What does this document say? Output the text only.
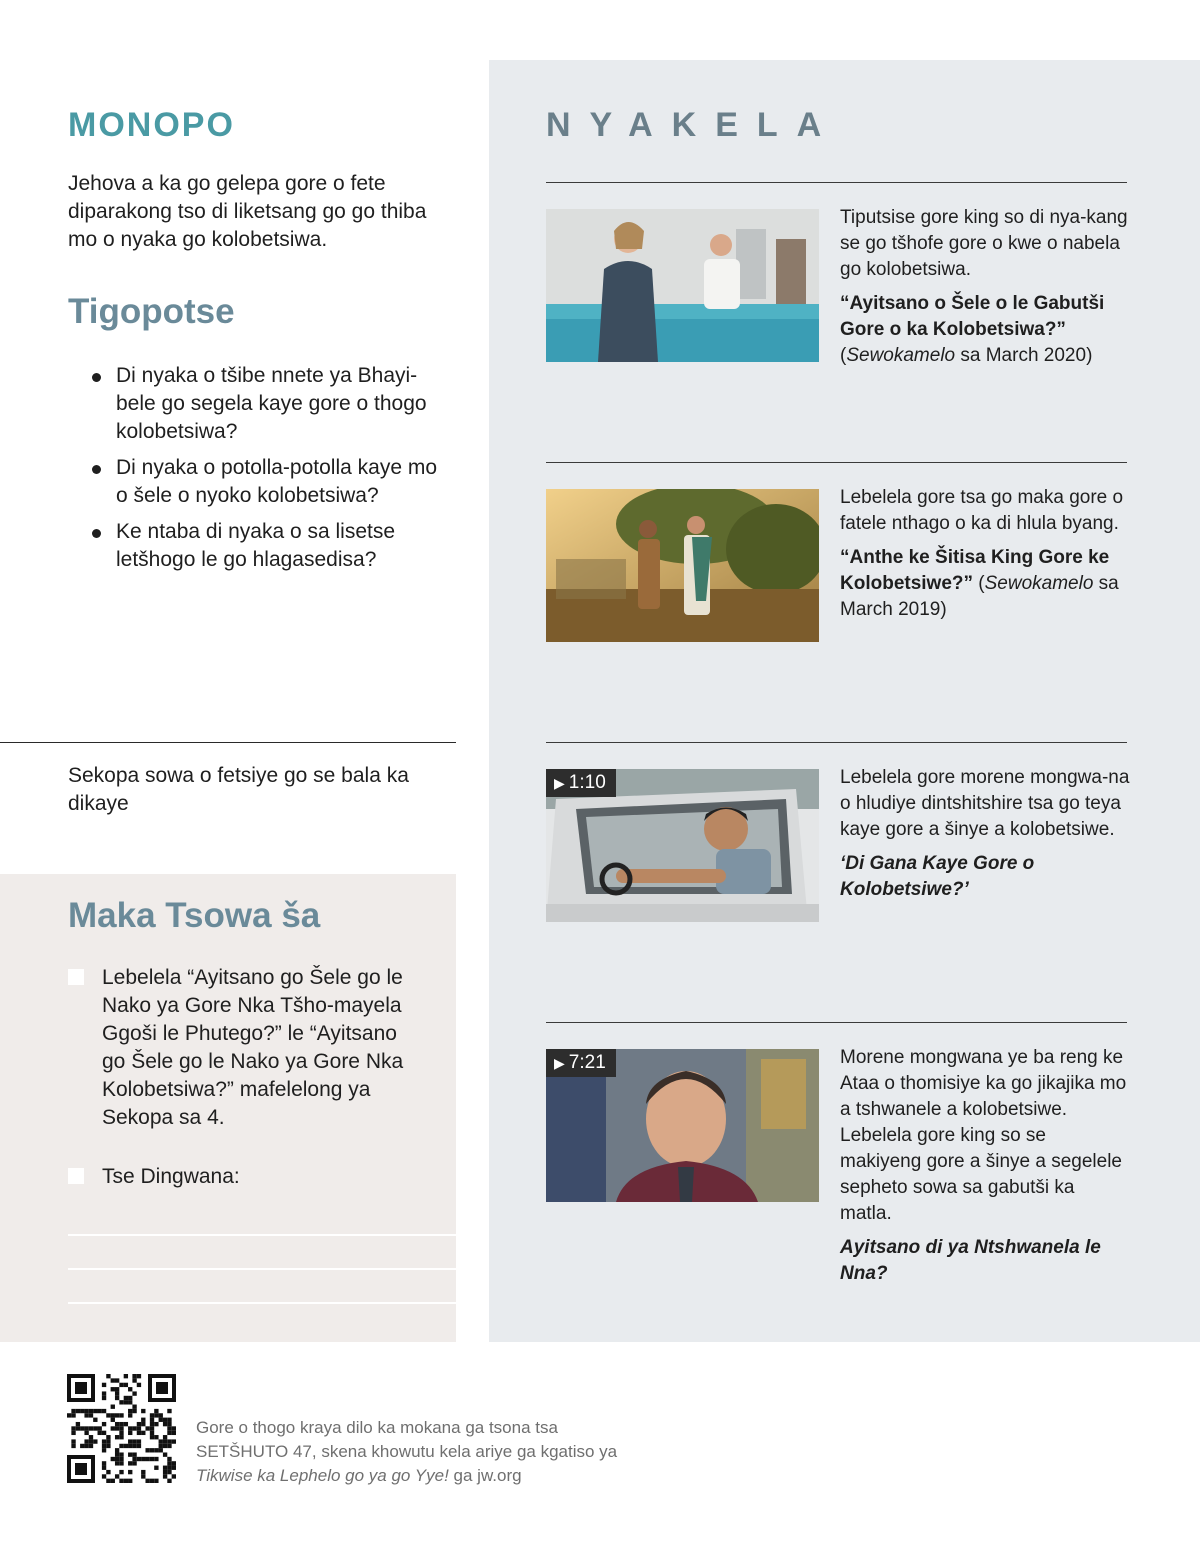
MONOPO
Jehova a ka go gelepa gore o fete diparakong tso di liketsang go go thiba mo o nyaka go kolobetsiwa.
Tigopotse
Di nyaka o tšibe nnete ya Bhayi-bele go segela kaye gore o thogo kolobetsiwa?
Di nyaka o potolla-potolla kaye mo o šele o nyoko kolobetsiwa?
Ke ntaba di nyaka o sa lisetse letšhogo le go hlagasedisa?
Sekopa sowa o fetsiye go se bala ka dikaye
Maka Tsowa ša
Lebelela “Ayitsano go Šele go le Nako ya Gore Nka Tšho-mayela Ggoši le Phutego?” le “Ayitsano go Šele go le Nako ya Gore Nka Kolobetsiwa?” mafelelong ya Sekopa sa 4.
Tse Dingwana:
NYAKELA

Tiputsise gore king so di nya-kang se go tšhofe gore o kwe o nabela go kolobetsiwa.

“Ayitsano o Šele o le Gabutši Gore o ka Kolobetsiwa?”
(Sewokamelo sa March 2020)

Lebelela gore tsa go maka gore o fatele nthago o ka di hlula byang.

“Anthe ke Šitisa King Gore ke Kolobetsiwe?” (Sewokamelo sa March 2019)

▶ 1:10	Lebelela gore morene mongwa-na o hludiye dintshitshire tsa go teya kaye gore a šinye a kolobetsiwe.

‘Di Gana Kaye Gore o Kolobetsiwe?’

▶ 7:21	Morene mongwana ye ba reng ke Ataa o thomisiye ka go jikajika mo a tshwanele a kolobetsiwe. Lebelela gore king so se makiyeng gore a šinye a segelele sepheto sowa sa gabutši ka matla.

Ayitsano di ya Ntshwanela le Nna?

Gore o thogo kraya dilo ka mokana ga tsona tsa
SETŠHUTO 47, skena khowutu kela ariye ga kgatiso ya
Tikwise ka Lephelo go ya go Yye! ga jw.org
